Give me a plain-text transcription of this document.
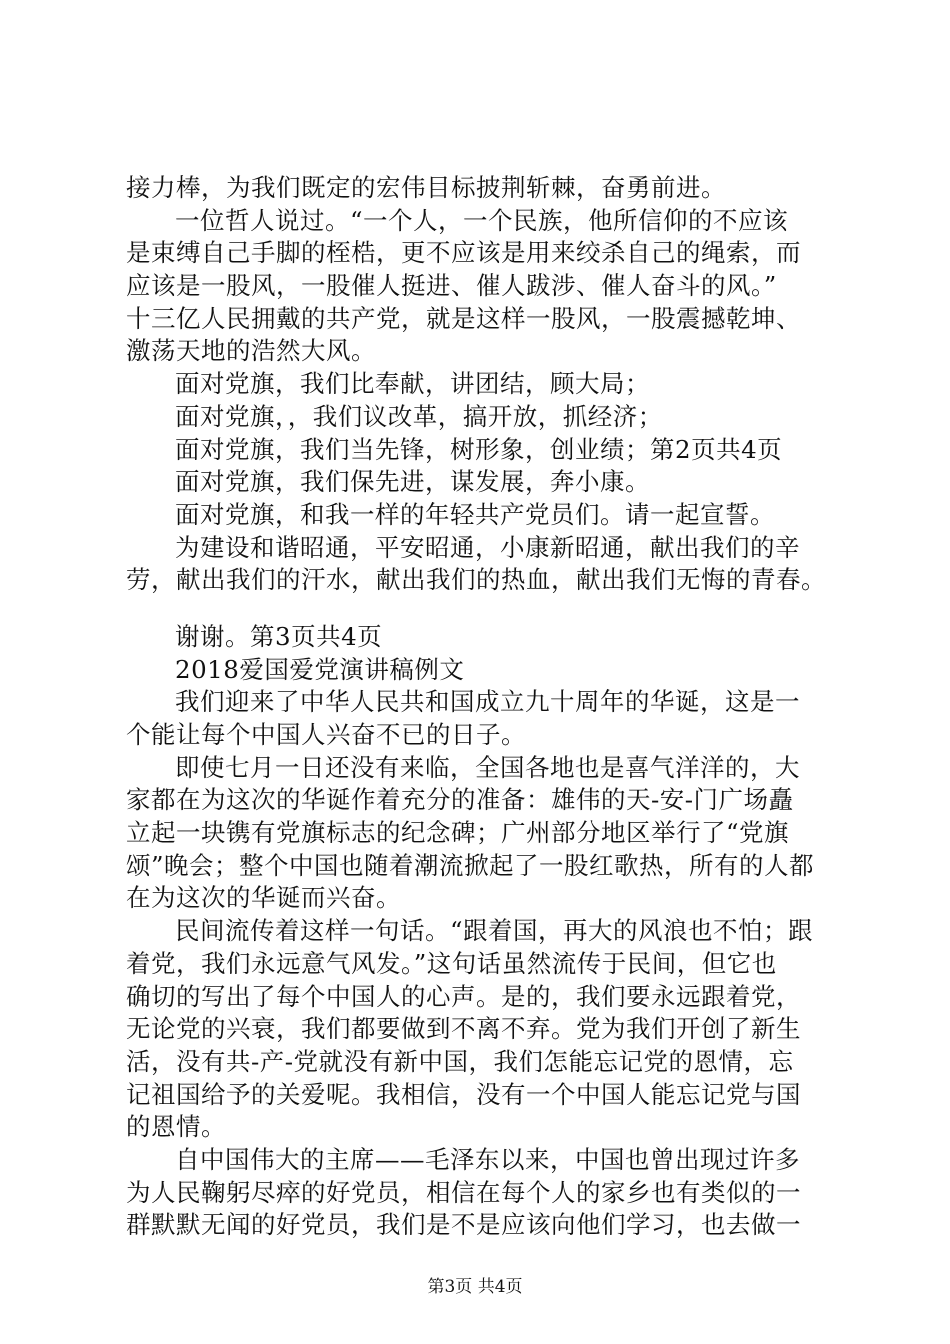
接力棒，为我们既定的宏伟目标披荆斩棘，奋勇前进。
一位哲人说过。“一个人，一个民族，他所信仰的不应该
是束缚自己手脚的桎梏，更不应该是用来绞杀自己的绳索，而
应该是一股风，一股催人挺进、催人跋涉、催人奋斗的风。”
十三亿人民拥戴的共产党，就是这样一股风，一股震撼乾坤、
激荡天地的浩然大风。
面对党旗，我们比奉献，讲团结，顾大局；
面对党旗，，我们议改革，搞开放，抓经济；
面对党旗，我们当先锋，树形象，创业绩；第2页共4页
面对党旗，我们保先进，谋发展，奔小康。
面对党旗，和我一样的年轻共产党员们。请一起宣誓。
为建设和谐昭通，平安昭通，小康新昭通，献出我们的辛
劳，献出我们的汗水，献出我们的热血，献出我们无悔的青春。
谢谢。第3页共4页
2018爱国爱党演讲稿例文
我们迎来了中华人民共和国成立九十周年的华诞，这是一
个能让每个中国人兴奋不已的日子。
即使七月一日还没有来临，全国各地也是喜气洋洋的，大
家都在为这次的华诞作着充分的准备：雄伟的天-安-门广场矗
立起一块镌有党旗标志的纪念碑；广州部分地区举行了“党旗
颂”晚会；整个中国也随着潮流掀起了一股红歌热，所有的人都
在为这次的华诞而兴奋。
民间流传着这样一句话。“跟着国，再大的风浪也不怕；跟
着党，我们永远意气风发。”这句话虽然流传于民间，但它也
确切的写出了每个中国人的心声。是的，我们要永远跟着党，
无论党的兴衰，我们都要做到不离不弃。党为我们开创了新生
活，没有共-产-党就没有新中国，我们怎能忘记党的恩情，忘
记祖国给予的关爱呢。我相信，没有一个中国人能忘记党与国
的恩情。
自中国伟大的主席——毛泽东以来，中国也曾出现过许多
为人民鞠躬尽瘁的好党员，相信在每个人的家乡也有类似的一
群默默无闻的好党员，我们是不是应该向他们学习，也去做一
第3页 共4页
